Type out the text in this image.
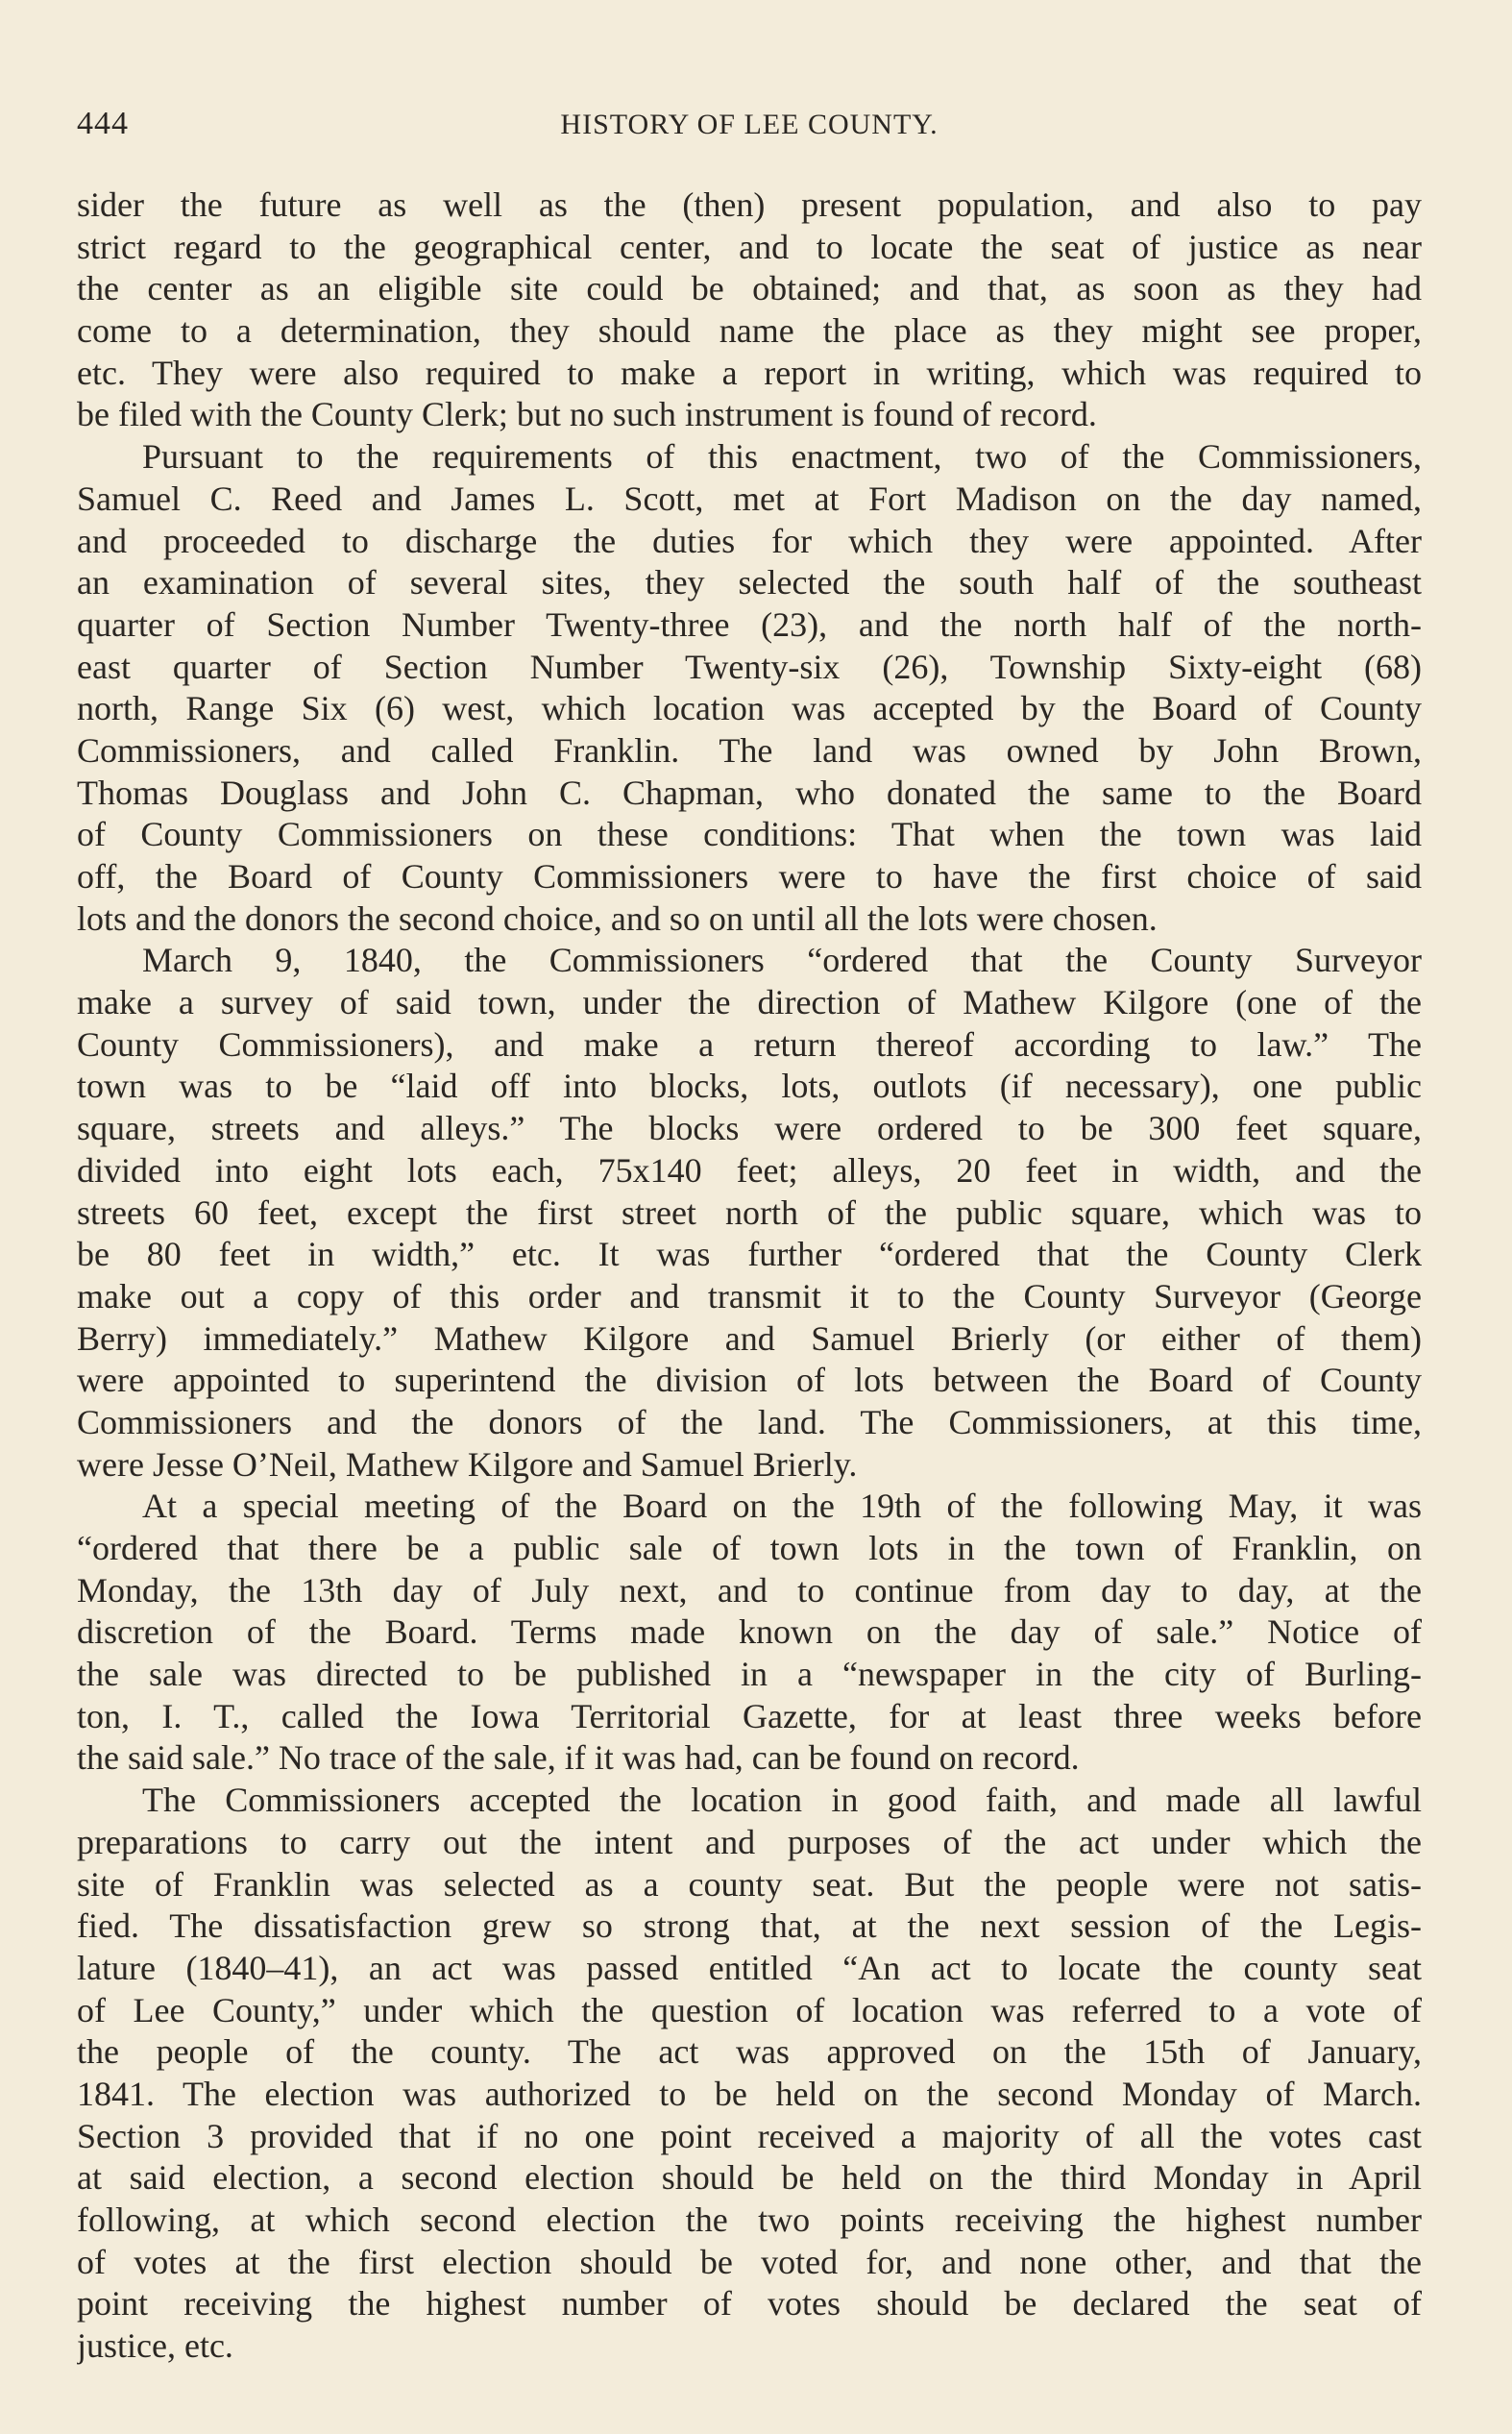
444	HISTORY OF LEE COUNTY.
sider the future as well as the (then) present population, and also to pay
strict regard to the geographical center, and to locate the seat of justice as near
the center as an eligible site could be obtained; and that, as soon as they had
come to a determination, they should name the place as they might see proper,
etc. They were also required to make a report in writing, which was required to
be filed with the County Clerk; but no such instrument is found of record.
Pursuant to the requirements of this enactment, two of the Commissioners,
Samuel C. Reed and James L. Scott, met at Fort Madison on the day named,
and proceeded to discharge the duties for which they were appointed. After
an examination of several sites, they selected the south half of the southeast
quarter of Section Number Twenty-three (23), and the north half of the north-
east quarter of Section Number Twenty-six (26), Township Sixty-eight (68)
north, Range Six (6) west, which location was accepted by the Board of County
Commissioners, and called Franklin. The land was owned by John Brown,
Thomas Douglass and John C. Chapman, who donated the same to the Board
of County Commissioners on these conditions: That when the town was laid
off, the Board of County Commissioners were to have the first choice of said
lots and the donors the second choice, and so on until all the lots were chosen.
March 9, 1840, the Commissioners “ordered that the County Surveyor
make a survey of said town, under the direction of Mathew Kilgore (one of the
County Commissioners), and make a return thereof according to law.” The
town was to be “laid off into blocks, lots, outlots (if necessary), one public
square, streets and alleys.” The blocks were ordered to be 300 feet square,
divided into eight lots each, 75x140 feet; alleys, 20 feet in width, and the
streets 60 feet, except the first street north of the public square, which was to
be 80 feet in width,” etc. It was further “ordered that the County Clerk
make out a copy of this order and transmit it to the County Surveyor (George
Berry) immediately.” Mathew Kilgore and Samuel Brierly (or either of them)
were appointed to superintend the division of lots between the Board of County
Commissioners and the donors of the land. The Commissioners, at this time,
were Jesse O’Neil, Mathew Kilgore and Samuel Brierly.
At a special meeting of the Board on the 19th of the following May, it was
“ordered that there be a public sale of town lots in the town of Franklin, on
Monday, the 13th day of July next, and to continue from day to day, at the
discretion of the Board. Terms made known on the day of sale.” Notice of
the sale was directed to be published in a “newspaper in the city of Burling-
ton, I. T., called the Iowa Territorial Gazette, for at least three weeks before
the said sale.” No trace of the sale, if it was had, can be found on record.
The Commissioners accepted the location in good faith, and made all lawful
preparations to carry out the intent and purposes of the act under which the
site of Franklin was selected as a county seat. But the people were not satis-
fied. The dissatisfaction grew so strong that, at the next session of the Legis-
lature (1840–41), an act was passed entitled “An act to locate the county seat
of Lee County,” under which the question of location was referred to a vote of
the people of the county. The act was approved on the 15th of January,
1841. The election was authorized to be held on the second Monday of March.
Section 3 provided that if no one point received a majority of all the votes cast
at said election, a second election should be held on the third Monday in April
following, at which second election the two points receiving the highest number
of votes at the first election should be voted for, and none other, and that the
point receiving the highest number of votes should be declared the seat of
justice, etc.
